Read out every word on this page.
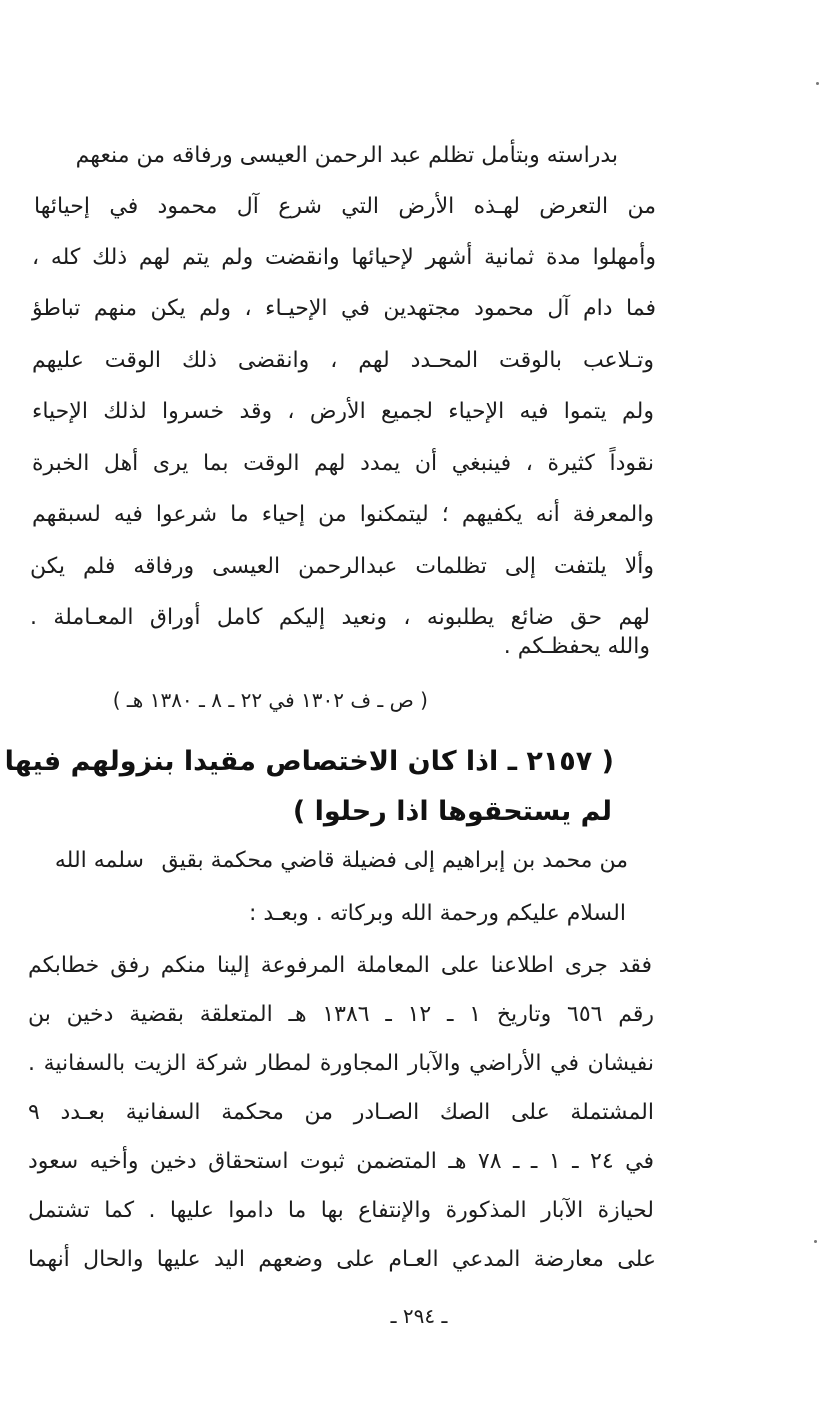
بدراسته وبتأمل تظلم عبد الرحمن العيسى ورفاقه من منعهم
من التعرض لهـذه الأرض التي شرع آل محمود في إحيائها
وأمهلوا مدة ثمانية أشهر لإحيائها وانقضت ولم يتم لهم ذلك كله ،
فما دام آل محمود مجتهدين في الإحيـاء ، ولم يكن منهم تباطؤ
وتـلاعب بالوقت المحـدد لهم ، وانقضى ذلك الوقت عليهم
ولم يتموا فيه الإحياء لجميع الأرض ، وقد خسروا لذلك الإحياء
نقوداً كثيرة ، فينبغي أن يمدد لهم الوقت بما يرى أهل الخبرة
والمعرفة أنه يكفيهم ؛ ليتمكنوا من إحياء ما شرعوا فيه لسبقهم
وألا يلتفت إلى تظلمات عبدالرحمن العيسى ورفاقه فلم يكن
لهم حق ضائع يطلبونه ، ونعيد إليكم كامل أوراق المعـاملة .
والله يحفظـكم .
( ص ـ ف ١٣٠٢ في ٢٢ ـ ٨ ـ ١٣٨٠ هـ )
( ٢١٥٧ ـ اذا كان الاختصاص مقيدا بنزولهم فيها
لم يستحقوها اذا رحلوا )
من محمد بن إبراهيم إلى فضيلة قاضي محكمة بقيق
سلمه الله
السلام عليكم ورحمة الله وبركاته . وبعـد :
فقد جرى اطلاعنا على المعاملة المرفوعة إلينا منكم رفق خطابكم
رقم ٦٥٦ وتاريخ ١ ـ ١٢ ـ ١٣٨٦ هـ المتعلقة بقضية دخين بن
نفيشان في الأراضي والآبار المجاورة لمطار شركة الزيت بالسفانية .
المشتملة على الصك الصـادر من محكمة السفانية بعـدد ٩
في ٢٤ ـ ١ ـ ـ ٧٨ هـ المتضمن ثبوت استحقاق دخين وأخيه سعود
لحيازة الآبار المذكورة والإنتفاع بها ما داموا عليها . كما تشتمل
على معارضة المدعي العـام على وضعهم اليد عليها والحال أنهما
ـ ٢٩٤ ـ
